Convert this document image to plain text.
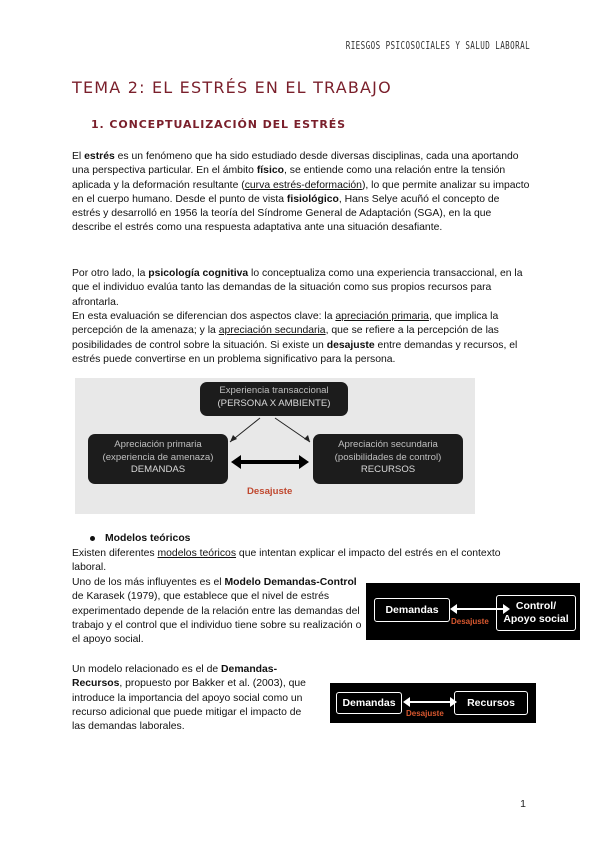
RIESGOS PSICOSOCIALES Y SALUD LABORAL
TEMA 2: EL ESTRÉS EN EL TRABAJO
1. CONCEPTUALIZACIÓN DEL ESTRÉS
El estrés es un fenómeno que ha sido estudiado desde diversas disciplinas, cada una aportando una perspectiva particular. En el ámbito físico, se entiende como una relación entre la tensión aplicada y la deformación resultante (curva estrés-deformación), lo que permite analizar su impacto en el cuerpo humano. Desde el punto de vista fisiológico, Hans Selye acuñó el concepto de estrés y desarrolló en 1956 la teoría del Síndrome General de Adaptación (SGA), en la que describe el estrés como una respuesta adaptativa ante una situación desafiante.
Por otro lado, la psicología cognitiva lo conceptualiza como una experiencia transaccional, en la que el individuo evalúa tanto las demandas de la situación como sus propios recursos para afrontarla.
En esta evaluación se diferencian dos aspectos clave: la apreciación primaria, que implica la percepción de la amenaza; y la apreciación secundaria, que se refiere a la percepción de las posibilidades de control sobre la situación. Si existe un desajuste entre demandas y recursos, el estrés puede convertirse en un problema significativo para la persona.
Experiencia transaccional
(PERSONA X AMBIENTE)
Apreciación primaria
(experiencia de amenaza)
DEMANDAS
Apreciación secundaria
(posibilidades de control)
RECURSOS
Desajuste
Modelos teóricos
Existen diferentes modelos teóricos que intentan explicar el impacto del estrés en el contexto laboral.
Uno de los más influyentes es el Modelo Demandas-Control de Karasek (1979), que establece que el nivel de estrés experimentado depende de la relación entre las demandas del trabajo y el control que el individuo tiene sobre su realización o el apoyo social.
Un modelo relacionado es el de Demandas-Recursos, propuesto por Bakker et al. (2003), que introduce la importancia del apoyo social como un recurso adicional que puede mitigar el impacto de las demandas laborales.
Demandas
Desajuste
Control/
Apoyo social
Demandas
Desajuste
Recursos
1
